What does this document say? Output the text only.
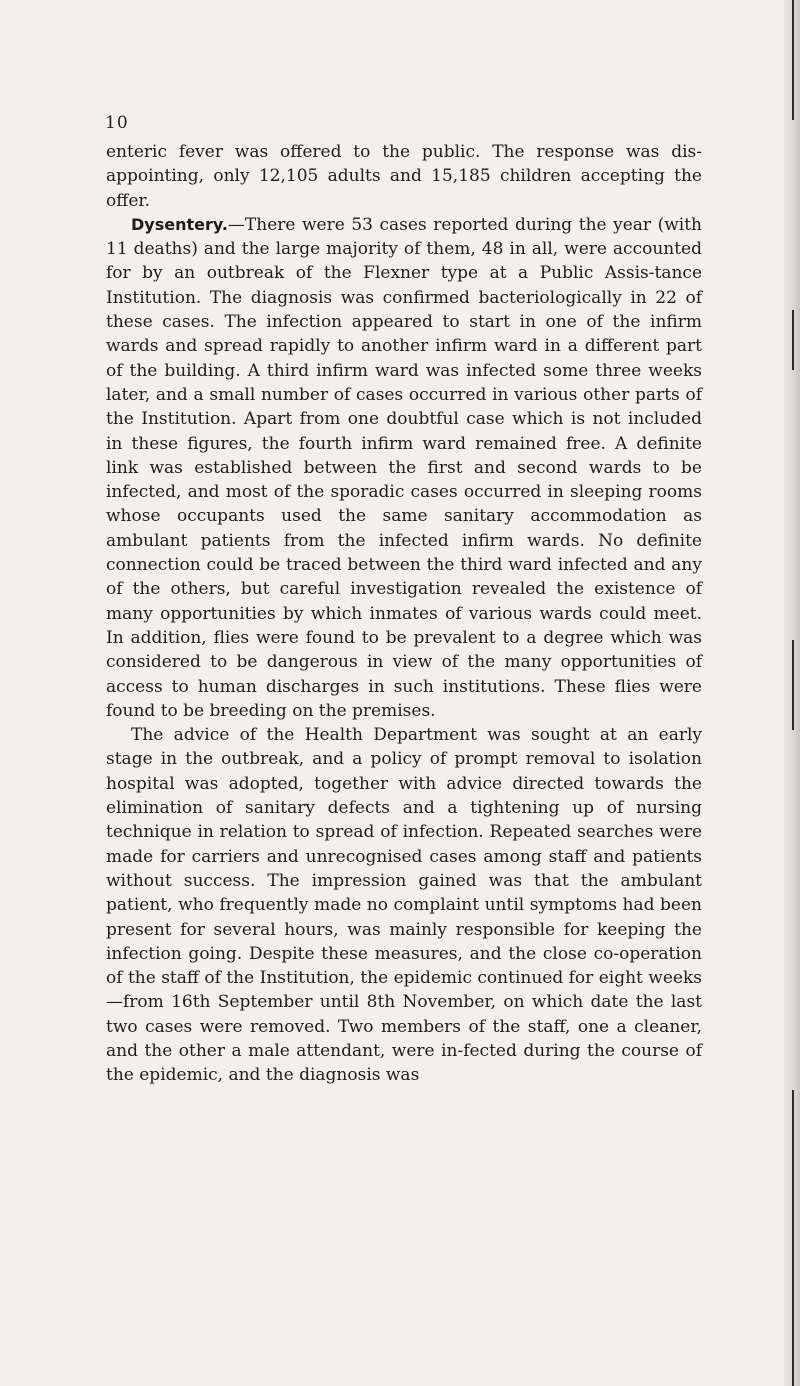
10

enteric fever was offered to the public. The response was dis-appointing, only 12,105 adults and 15,185 children accepting the offer.

Dysentery.—There were 53 cases reported during the year (with 11 deaths) and the large majority of them, 48 in all, were accounted for by an outbreak of the Flexner type at a Public Assis-tance Institution. The diagnosis was confirmed bacteriologically in 22 of these cases. The infection appeared to start in one of the infirm wards and spread rapidly to another infirm ward in a different part of the building. A third infirm ward was infected some three weeks later, and a small number of cases occurred in various other parts of the Institution. Apart from one doubtful case which is not included in these figures, the fourth infirm ward remained free. A definite link was established between the first and second wards to be infected, and most of the sporadic cases occurred in sleeping rooms whose occupants used the same sanitary accommodation as ambulant patients from the infected infirm wards. No definite connection could be traced between the third ward infected and any of the others, but careful investigation revealed the existence of many opportunities by which inmates of various wards could meet. In addition, flies were found to be prevalent to a degree which was considered to be dangerous in view of the many opportunities of access to human discharges in such institutions. These flies were found to be breeding on the premises.

The advice of the Health Department was sought at an early stage in the outbreak, and a policy of prompt removal to isolation hospital was adopted, together with advice directed towards the elimination of sanitary defects and a tightening up of nursing technique in relation to spread of infection. Repeated searches were made for carriers and unrecognised cases among staff and patients without success. The impression gained was that the ambulant patient, who frequently made no complaint until symptoms had been present for several hours, was mainly responsible for keeping the infection going. Despite these measures, and the close co-operation of the staff of the Institution, the epidemic continued for eight weeks—from 16th September until 8th November, on which date the last two cases were removed. Two members of the staff, one a cleaner, and the other a male attendant, were in-fected during the course of the epidemic, and the diagnosis was
